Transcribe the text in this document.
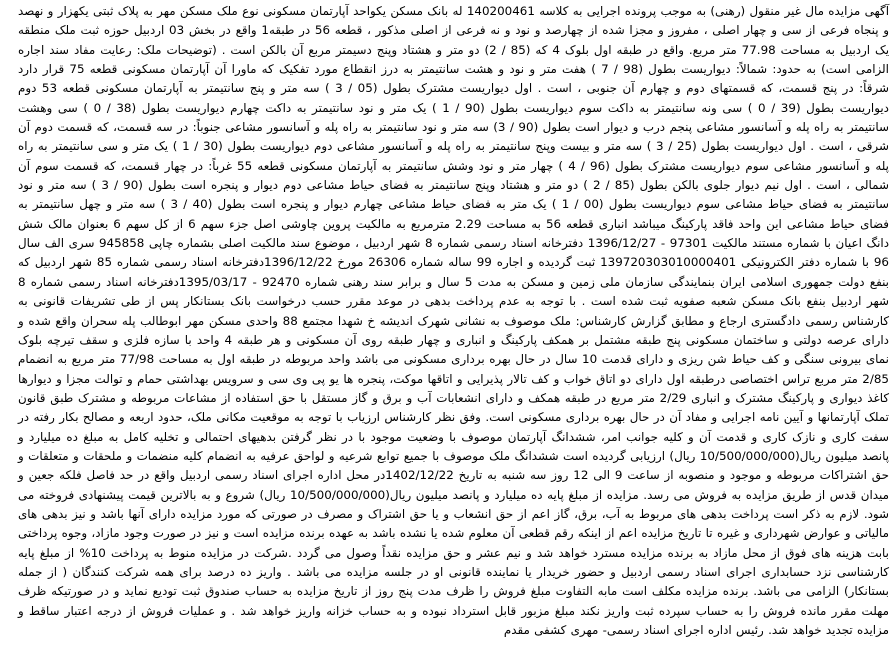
آگهی مزایده مال غیر منقول (رهنی) به موجب پرونده اجرایی به کلاسه 140200461 له بانک مسکن یکواحد آپارتمان مسکونی نوع ملک مسکن مهر به پلاک ثبتی یکهزار و نهصد و پنجاه فرعی از سی و چهار اصلی ، مفروز و مجزا شده از چهارصد و نود و نه فرعی از اصلی مذکور ، قطعه 56 در طبقه1 واقع در بخش 03 اردبیل حوزه ثبت ملک منطقه یک اردبیل به مساحت 77.98 متر مربع. واقع در طبقه اول بلوک 4 که (85 / 2) دو متر و هشتاد وپنج دسیمتر مربع آن بالکن است . (توضیحات ملک: رعایت مفاد سند اجاره الزامی است) به حدود: شمالاً: دیواریست بطول (98 / 7 ) هفت متر و نود و هشت سانتیمتر به درز انقطاع مورد تفکیک که ماورا آن آپارتمان مسکونی قطعه 75 قرار دارد شرقاً: در پنج قسمت، که قسمتهای دوم و چهارم آن جنوبی ، است . اول دیواریست مشترک بطول (05 / 3 ) سه متر و پنج سانتیمتر به آپارتمان مسکونی قطعه 53 دوم دیواریست بطول (39 / 0 ) سی ونه سانتیمتر به داکت سوم دیواریست بطول (90 / 1 ) یک متر و نود سانتیمتر به داکت چهارم دیواریست بطول (38 / 0 ) سی وهشت سانتیمتر به راه پله و آسانسور مشاعی پنجم درب و دیوار است بطول (90 / 3) سه متر و نود سانتیمتر به راه پله و آسانسور مشاعی جنوباً: در سه قسمت، که قسمت دوم آن شرقی ، است . اول دیواریست بطول (25 / 3 ) سه متر و بیست وپنج سانتیمتر به راه پله و آسانسور مشاعی دوم دیواریست بطول (30 / 1 ) یک متر و سی سانتیمتر به راه پله و آسانسور مشاعی سوم دیواریست مشترک بطول (96 / 4 ) چهار متر و نود وشش سانتیمتر به آپارتمان مسکونی قطعه 55 غرباً: در چهار قسمت، که قسمت سوم آن شمالی ، است . اول نیم دیوار جلوی بالکن بطول (85 / 2 ) دو متر و هشتاد وپنج سانتیمتر به فضای حیاط مشاعی دوم دیوار و پنجره است بطول (90 / 3 ) سه متر و نود سانتیمتر به فضای حیاط مشاعی سوم دیواریست بطول (00 / 1 ) یک متر به فضای حیاط مشاعی چهارم دیوار و پنجره است بطول (40 / 3 ) سه متر و چهل سانتیمتر به فضای حیاط مشاعی این واحد فاقد پارکینگ میباشد انباری قطعه 56 به مساحت 2.29 مترمربع به مالکیت پروین چاوشی اصل جزء سهم 6 از کل سهم 6 بعنوان مالک شش دانگ اعیان با شماره مستند مالکیت 97301 - 1396/12/27 دفترخانه اسناد رسمی شماره 8 شهر اردبیل ، موضوع سند مالکیت اصلی بشماره چاپی 945858 سری الف سال 96 با شماره دفتر الکترونیکی 139720303010000401 ثبت گردیده و اجاره 99 ساله شماره 26306 مورخ 1396/12/22دفترخانه اسناد رسمی شماره 85 شهر اردبیل که بنفع دولت جمهوری اسلامی ایران بنمایندگی سازمان ملی زمین و مسکن به مدت 5 سال و برابر سند رهنی شماره 92470 - 1395/03/17دفترخانه اسناد رسمی شماره 8 شهر اردبیل بنفع بانک مسکن شعبه صفویه ثبت شده است . با توجه به عدم پرداخت بدهی در موعد مقرر حسب درخواست بانک بستانکار پس از طی تشریفات قانونی به کارشناس رسمی دادگستری ارجاع و مطابق گزارش کارشناس: ملک موصوف به نشانی شهرک اندیشه خ شهدا مجتمع 88 واحدی مسکن مهر ابوطالب پله سحران واقع شده و دارای عرصه دولتی و ساختمان مسکونی پنج طبقه مشتمل بر همکف پارکینگ و انباری و چهار طبقه روی آن مسکونی و هر طبقه 4 واحد با سازه فلزی و سقف تیرچه بلوک نمای بیرونی سنگی و کف حیاط شن ریزی و دارای قدمت 10 سال در حال بهره برداری مسکونی می باشد واحد مربوطه در طبقه اول به مساحت 77/98 متر مربع به انضمام 2/85 متر مربع تراس اختصاصی درطبقه اول دارای دو اتاق خواب و کف تالار پذیرایی و اتاقها موکت، پنجره ها یو پی وی سی و سرویس بهداشتی حمام و توالت مجزا و دیوارها کاغذ دیواری و پارکینگ مشترک و انباری 2/29 متر مربع در طبقه همکف و دارای انشعابات آب و برق و گاز مستقل با حق استفاده از مشاعات مربوطه و مشترک طبق قانون تملک آپارتمانها و آیین نامه اجرایی و مفاد آن در حال بهره برداری مسکونی است. وفق نظر کارشناس ارزیاب با توجه به موقعیت مکانی ملک، حدود اربعه و مصالح بکار رفته در سفت کاری و نازک کاری و قدمت آن و کلیه جوانب امر، ششدانگ آپارتمان موصوف با وضعیت موجود با در نظر گرفتن بدهیهای احتمالی و تخلیه کامل به مبلغ ده میلیارد و پانصد میلیون ریال(10/500/000/000 ریال) ارزیابی گردیده است ششدانگ ملک موصوف با جمیع توابع شرعیه و لواحق عرفیه به انضمام کلیه منضمات و ملحقات و متعلقات و حق اشتراکات مربوطه و موجود و منصوبه از ساعت 9 الی 12 روز سه شنبه به تاریخ 1402/12/22در محل اداره اجرای اسناد رسمی اردبیل واقع در حد فاصل فلکه جعین و میدان قدس از طریق مزایده به فروش می رسد. مزایده از مبلغ پایه ده میلیارد و پانصد میلیون ریال(10/500/000/000 ریال) شروع و به بالاترین قیمت پیشنهادی فروخته می شود. لازم به ذکر است پرداخت بدهی های مربوط به آب، برق، گاز اعم از حق انشعاب و یا حق اشتراک و مصرف در صورتی که مورد مزایده دارای آنها باشد و نیز بدهی های مالیاتی و عوارض شهرداری و غیره تا تاریخ مزایده اعم از اینکه رقم قطعی آن معلوم شده یا نشده باشد به عهده برنده مزایده است و نیز در صورت وجود مازاد، وجوه پرداختی بابت هزینه های فوق از محل مازاد به برنده مزایده مسترد خواهد شد و نیم عشر و حق مزایده نقداً وصول می گردد .شرکت در مزایده منوط به پرداخت 10% از مبلغ پایه کارشناسی نزد حسابداری اجرای اسناد رسمی اردبیل و حضور خریدار یا نماینده قانونی او در جلسه مزایده می باشد . واریز ده درصد برای همه شرکت کنندگان ( از جمله بستانکار) الزامی می باشد. برنده مزایده مکلف است مابه التفاوت مبلغ فروش را ظرف مدت پنج روز از تاریخ مزایده به حساب صندوق ثبت تودیع نماید و در صورتیکه ظرف مهلت مقرر مانده فروش را به حساب سپرده ثبت واریز نکند مبلغ مزبور قابل استرداد نبوده و به حساب خزانه واریز خواهد شد . و عملیات فروش از درجه اعتبار ساقط و مزایده تجدید خواهد شد. رئیس اداره اجرای اسناد رسمی- مهری کشفی مقدم
